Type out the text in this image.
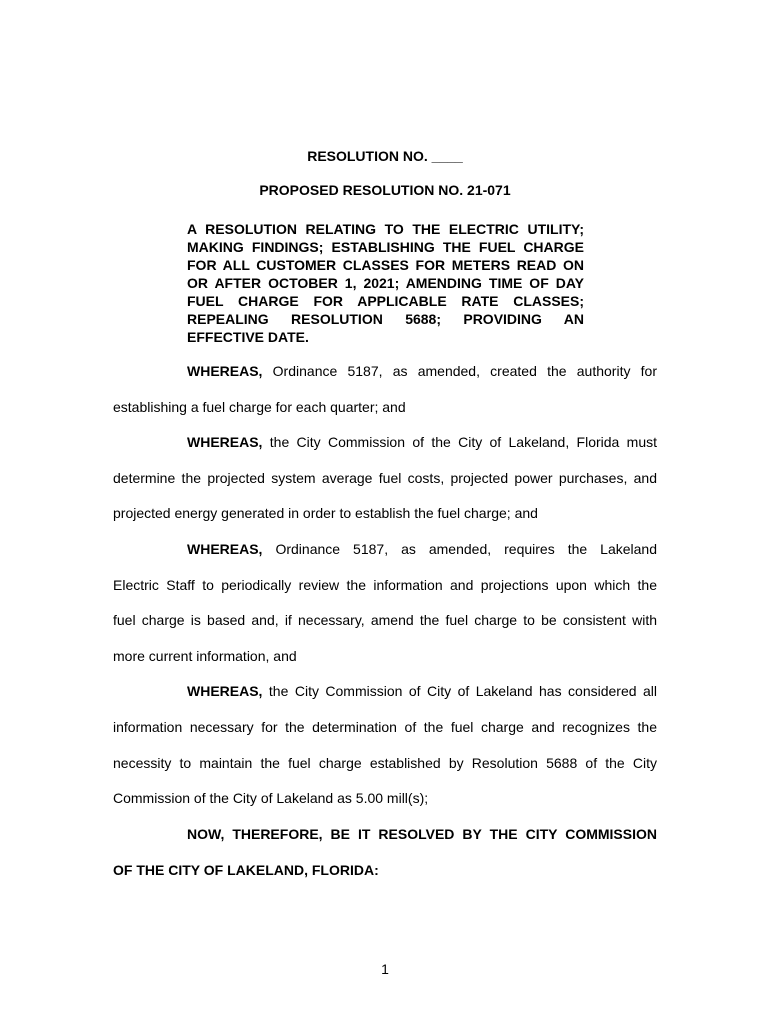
RESOLUTION NO. ____
PROPOSED RESOLUTION NO. 21-071
A RESOLUTION RELATING TO THE ELECTRIC UTILITY;
MAKING FINDINGS; ESTABLISHING THE FUEL CHARGE
FOR ALL CUSTOMER CLASSES FOR METERS READ ON
OR AFTER OCTOBER 1, 2021; AMENDING TIME OF DAY
FUEL CHARGE FOR APPLICABLE RATE CLASSES;
REPEALING RESOLUTION 5688; PROVIDING AN
EFFECTIVE DATE.
WHEREAS, Ordinance 5187, as amended, created the authority for
establishing a fuel charge for each quarter; and
WHEREAS, the City Commission of the City of Lakeland, Florida must
determine the projected system average fuel costs, projected power purchases, and
projected energy generated in order to establish the fuel charge; and
WHEREAS, Ordinance 5187, as amended, requires the Lakeland
Electric Staff to periodically review the information and projections upon which the
fuel charge is based and, if necessary, amend the fuel charge to be consistent with
more current information, and
WHEREAS, the City Commission of City of Lakeland has considered all
information necessary for the determination of the fuel charge and recognizes the
necessity to maintain the fuel charge established by Resolution 5688 of the City
Commission of the City of Lakeland as 5.00 mill(s);
NOW, THEREFORE, BE IT RESOLVED BY THE CITY COMMISSION
OF THE CITY OF LAKELAND, FLORIDA:
1
